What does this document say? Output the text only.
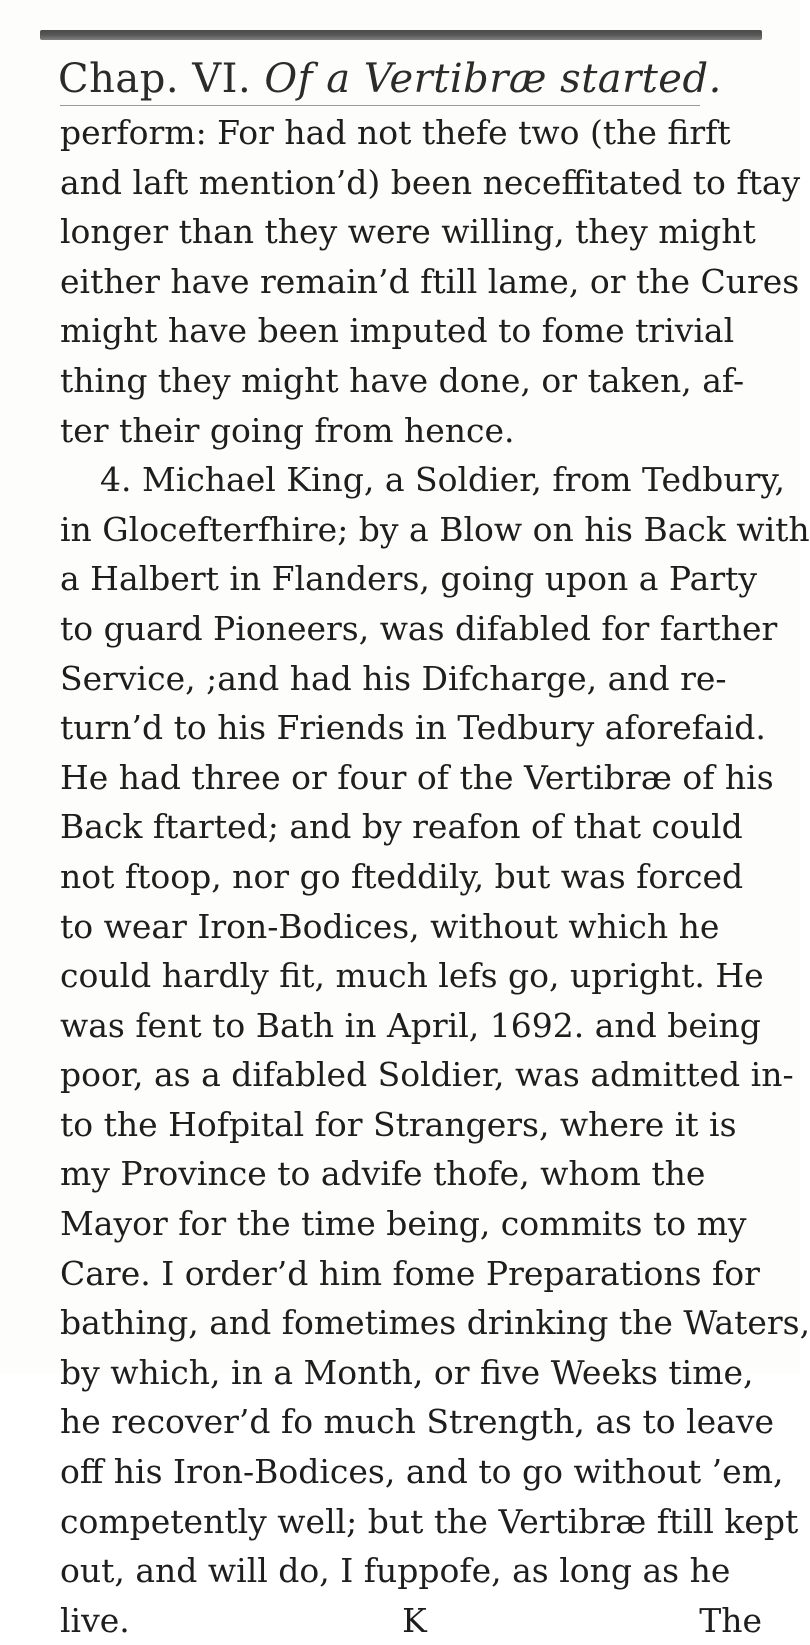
Chap. VI. Of a Vertibræ started.
perform: For had not thefe two (the firft
and laft mention’d) been neceffitated to ftay
longer than they were willing, they might
either have remain’d ftill lame, or the Cures
might have been imputed to fome trivial
thing they might have done, or taken, af-
ter their going from hence.
4. Michael King, a Soldier, from Tedbury,
in Glocefterfhire; by a Blow on his Back with
a Halbert in Flanders, going upon a Party
to guard Pioneers, was difabled for farther
Service, ;and had his Difcharge, and re-
turn’d to his Friends in Tedbury aforefaid.
He had three or four of the Vertibræ of his
Back ftarted; and by reafon of that could
not ftoop, nor go fteddily, but was forced
to wear Iron-Bodices, without which he
could hardly fit, much lefs go, upright. He
was fent to Bath in April, 1692. and being
poor, as a difabled Soldier, was admitted in-
to the Hofpital for Strangers, where it is
my Province to advife thofe, whom the
Mayor for the time being, commits to my
Care. I order’d him fome Preparations for
bathing, and fometimes drinking the Waters,
by which, in a Month, or five Weeks time,
he recover’d fo much Strength, as to leave
off his Iron-Bodices, and to go without ’em,
competently well; but the Vertibræ ftill kept
out, and will do, I fuppofe, as long as he
live.	K	The
